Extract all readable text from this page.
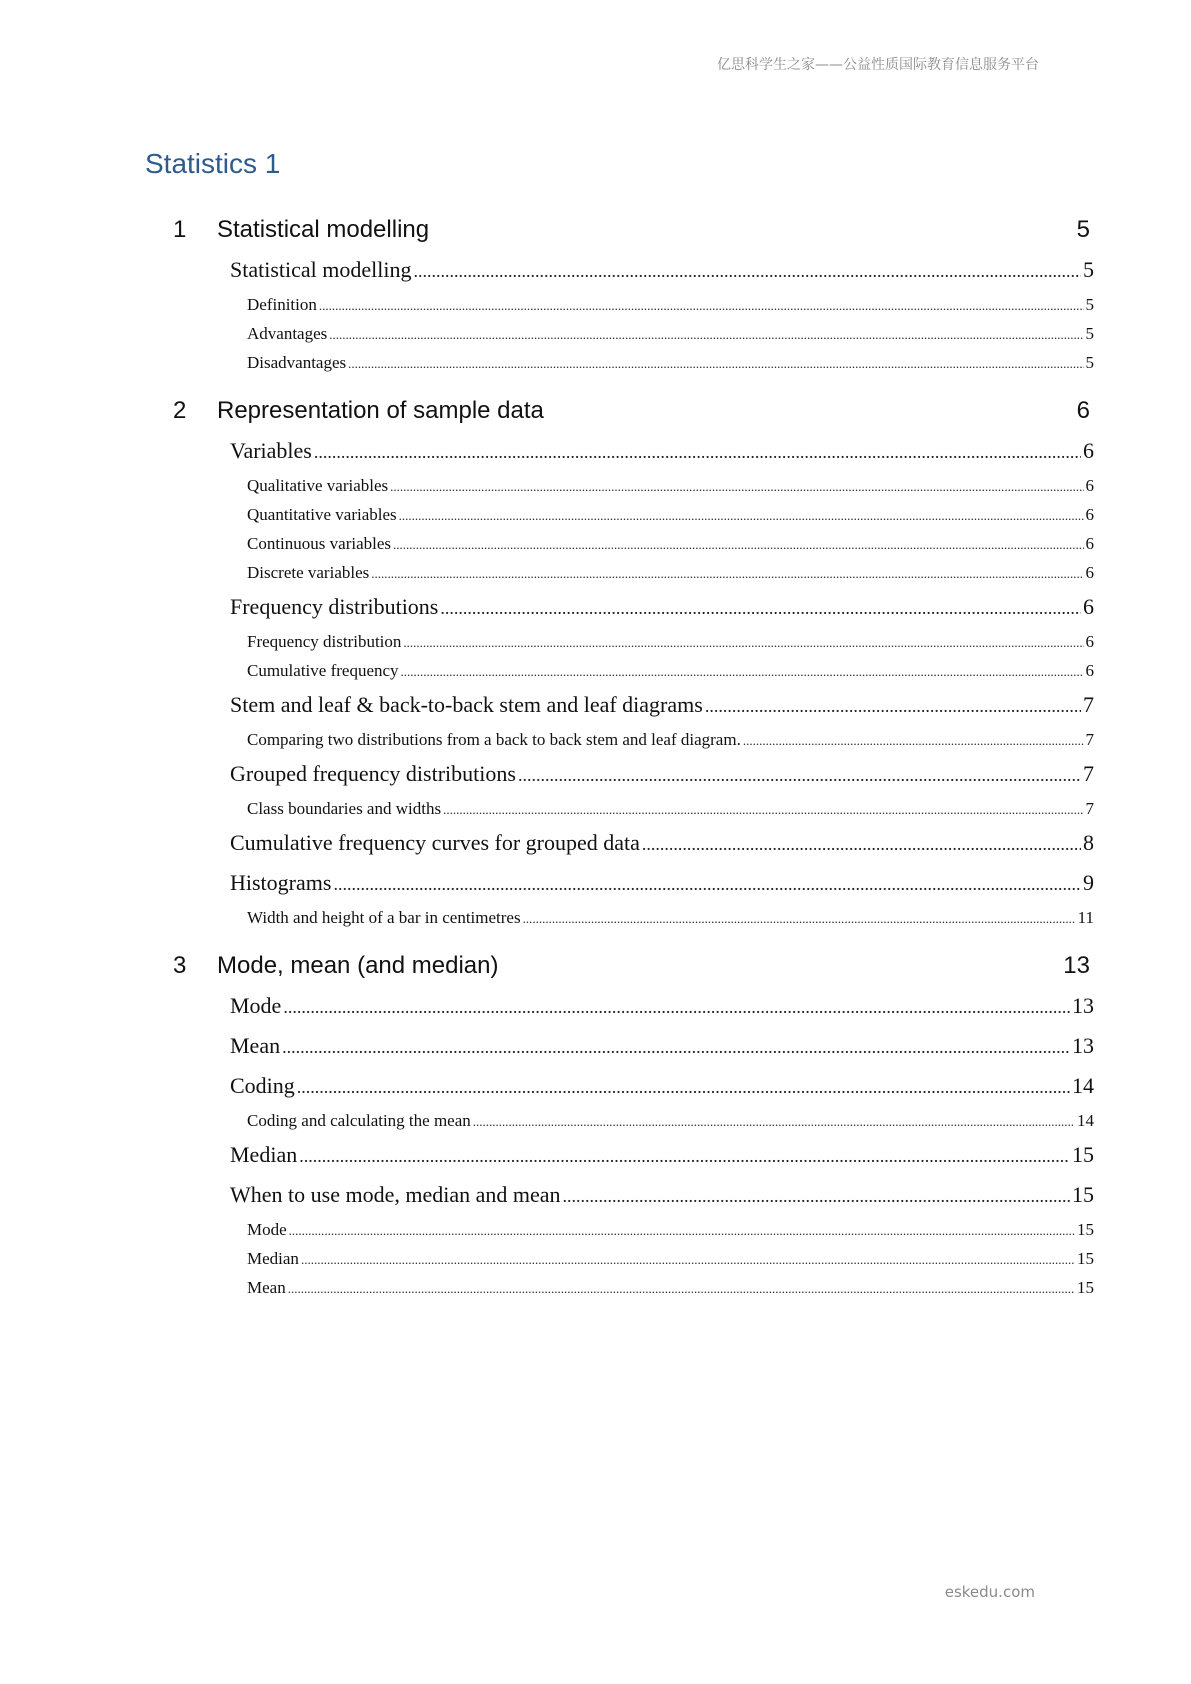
亿思科学生之家——公益性质国际教育信息服务平台
Statistics 1
1 Statistical modelling	5
Statistical modelling .....	5
Definition .....	5
Advantages .....	5
Disadvantages .....	5
2 Representation of sample data	6
Variables .....	6
Qualitative variables .....	6
Quantitative variables .....	6
Continuous variables .....	6
Discrete variables .....	6
Frequency distributions .....	6
Frequency distribution .....	6
Cumulative frequency .....	6
Stem and leaf & back-to-back stem and leaf diagrams .....	7
Comparing two distributions from a back to back stem and leaf diagram. .....	7
Grouped frequency distributions .....	7
Class boundaries and widths .....	7
Cumulative frequency curves for grouped data .....	8
Histograms .....	9
Width and height of a bar in centimetres .....	11
3 Mode, mean (and median)	13
Mode .....	13
Mean .....	13
Coding .....	14
Coding and calculating the mean .....	14
Median .....	15
When to use mode, median and mean .....	15
Mode .....	15
Median .....	15
Mean .....	15
eskedu.com
